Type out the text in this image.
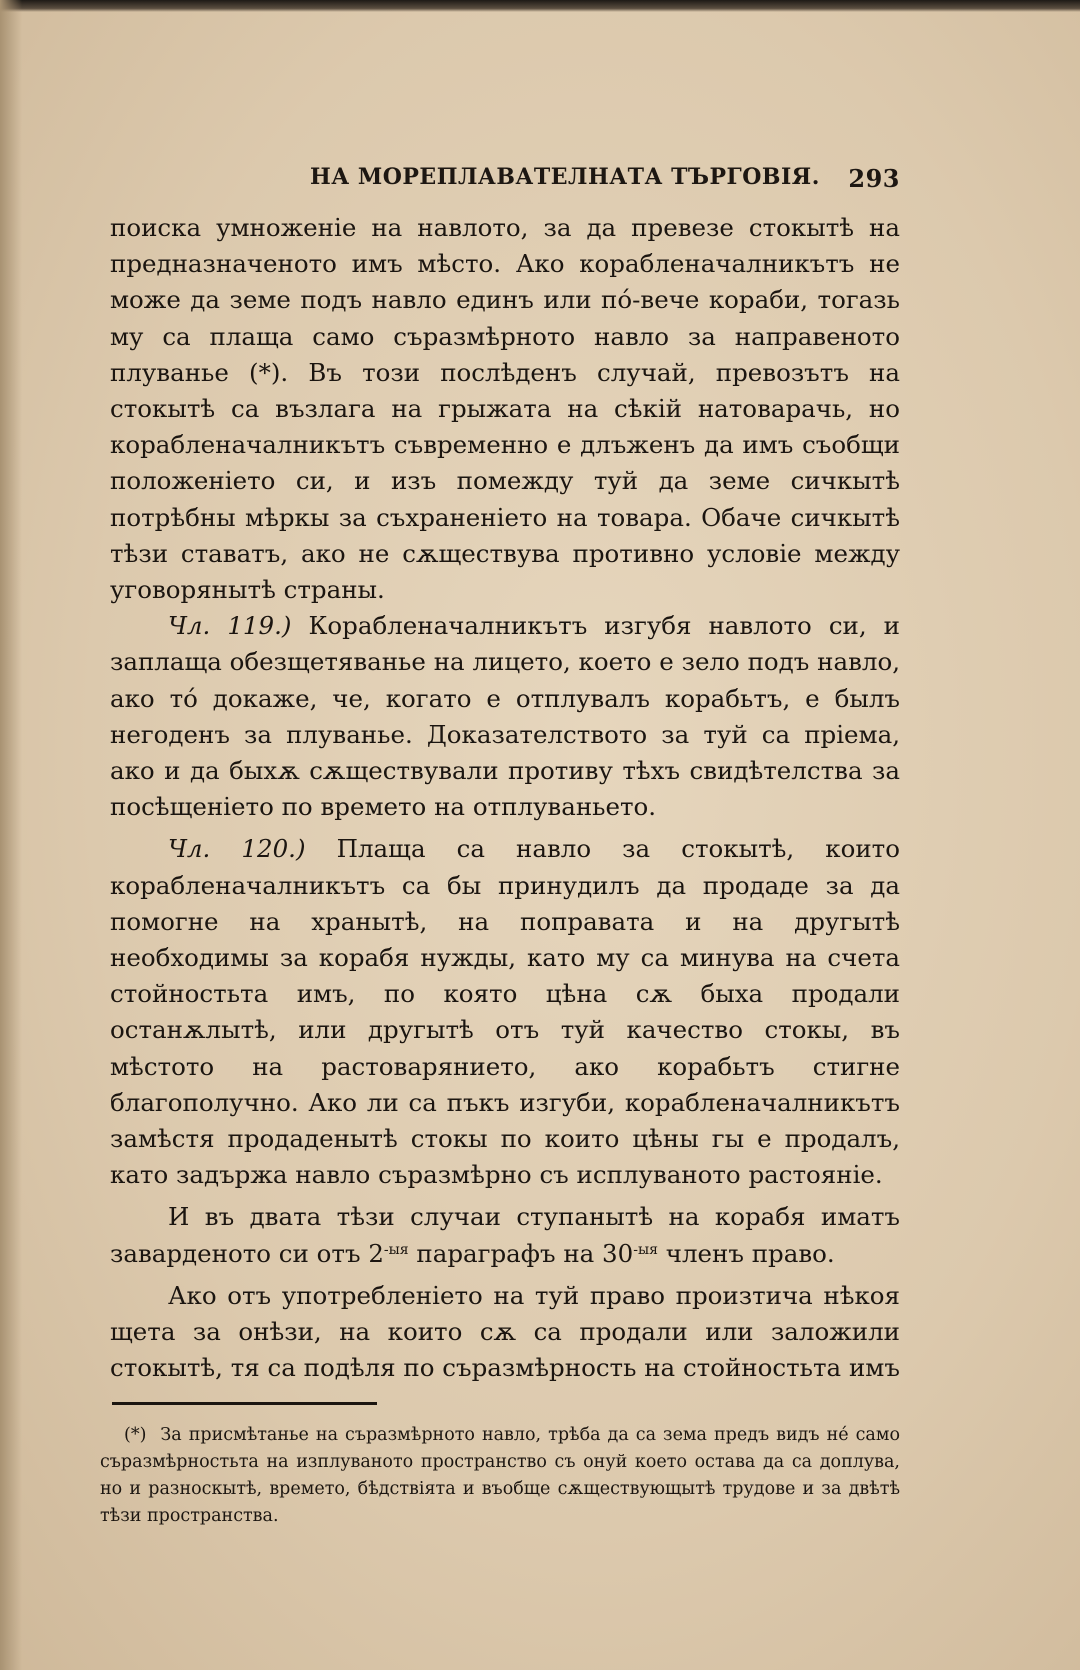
НА МОРЕПЛАВАТЕЛНАТА ТЪРГОВІЯ. 293

поиска умноженіе на навлото, за да превезе стокытѣ на предназначеното имъ мѣсто. Ако корабленачалникътъ не може да земе подъ навло единъ или пó-вече кораби, тогазь му са плаща само съразмѣрното навло за направеното плуванье (*). Въ този послѣденъ случай, превозътъ на стокытѣ са възлага на грыжата на сѣкій натоварачь, но корабленачалникътъ съвременно е длъженъ да имъ съобщи положеніето си, и изъ помежду туй да земе сичкытѣ потрѣбны мѣркы за съхраненіето на товара. Обаче сичкытѣ тѣзи ставатъ, ако не сѫществува противно условіе между уговорянытѣ страны.

Чл. 119.) Корабленачалникътъ изгубя навлото си, и заплаща обезщетяванье на лицето, което е зело подъ навло, ако тó докаже, че, когато е отплувалъ корабьтъ, е былъ негоденъ за плуванье. Доказателството за туй са пріема, ако и да быхѫ сѫществували противу тѣхъ свидѣтелства за посѣщеніето по времето на отплуваньето.

Чл. 120.) Плаща са навло за стокытѣ, които корабленачалникътъ са бы принудилъ да продаде за да помогне на хранытѣ, на поправата и на другытѣ необходимы за корабя нужды, като му са минува на счета стойностьта имъ, по която цѣна сѫ быха продали останѫлытѣ, или другытѣ отъ туй качество стокы, въ мѣстото на растоварянието, ако корабьтъ стигне благополучно. Ако ли са пъкъ изгуби, корабленачалникътъ замѣстя продаденытѣ стокы по които цѣны гы е продалъ, като задържа навло съразмѣрно съ исплуваното растояніе.

И въ двата тѣзи случаи ступанытѣ на корабя иматъ заварденото си отъ $2^{-ыя}$ параграфъ на $30^{-ыя}$ членъ право.

Ако отъ употребленіето на туй право произтича нѣкоя щета за онѣзи, на които сѫ са продали или заложили стокытѣ, тя са подѣля по съразмѣрность на стойностьта имъ

(*) За присмѣтанье на съразмѣрното навло, трѣба да са зема предъ видъ нé само съразмѣрностьта на изплуваното пространство съ онуй което остава да са доплува, но и разноскытѣ, времето, бѣдствіята и въобще сѫществующытѣ трудове и за двѣтѣ тѣзи пространства.
